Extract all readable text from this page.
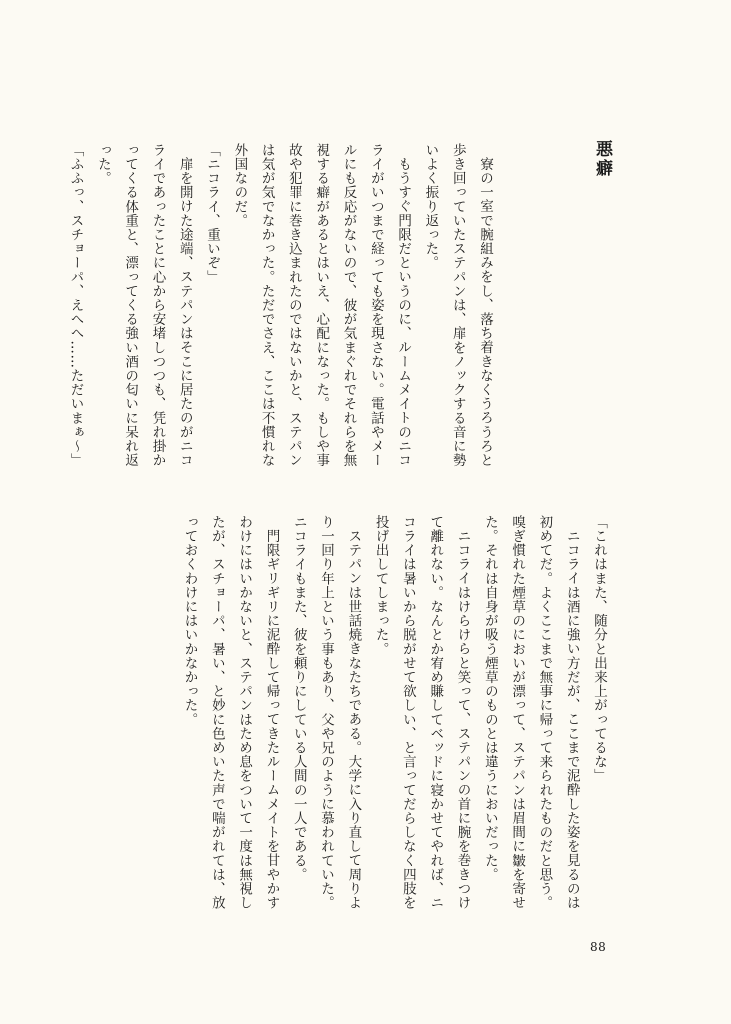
悪癖

寮の一室で腕組みをし、落ち着きなくうろうろと歩き回っていたステパンは、扉をノックする音に勢いよく振り返った。

もうすぐ門限だというのに、ルームメイトのニコライがいつまで経っても姿を現さない。電話やメールにも反応がないので、彼が気まぐれでそれらを無視する癖があるとはいえ、心配になった。もしや事故や犯罪に巻き込まれたのではないかと、ステパンは気が気でなかった。ただでさえ、ここは不慣れな外国なのだ。

「ニコライ、重いぞ」

扉を開けた途端、ステパンはそこに居たのがニコライであったことに心から安堵しつつも、凭れ掛かってくる体重と、漂ってくる強い酒の匂いに呆れ返った。

「ふふっ、スチョーパ、えへへ……ただいまぁ〜」

「これはまた、随分と出来上がってるな」

ニコライは酒に強い方だが、ここまで泥酔した姿を見るのは初めてだ。よくここまで無事に帰って来られたものだと思う。嗅ぎ慣れた煙草のにおいが漂って、ステパンは眉間に皺を寄せた。それは自身が吸う煙草のものとは違うにおいだった。

ニコライはけらけらと笑って、ステパンの首に腕を巻きつけて離れない。なんとか宥め賺してベッドに寝かせてやれば、ニコライは暑いから脱がせて欲しい、と言ってだらしなく四肢を投げ出してしまった。

ステパンは世話焼きなたちである。大学に入り直して周りより一回り年上という事もあり、父や兄のように慕われていた。ニコライもまた、彼を頼りにしている人間の一人である。

門限ギリギリに泥酔して帰ってきたルームメイトを甘やかすわけにはいかないと、ステパンはため息をついて一度は無視したが、スチョーパ、暑い、と妙に色めいた声で喘がれては、放っておくわけにはいかなかった。

88
